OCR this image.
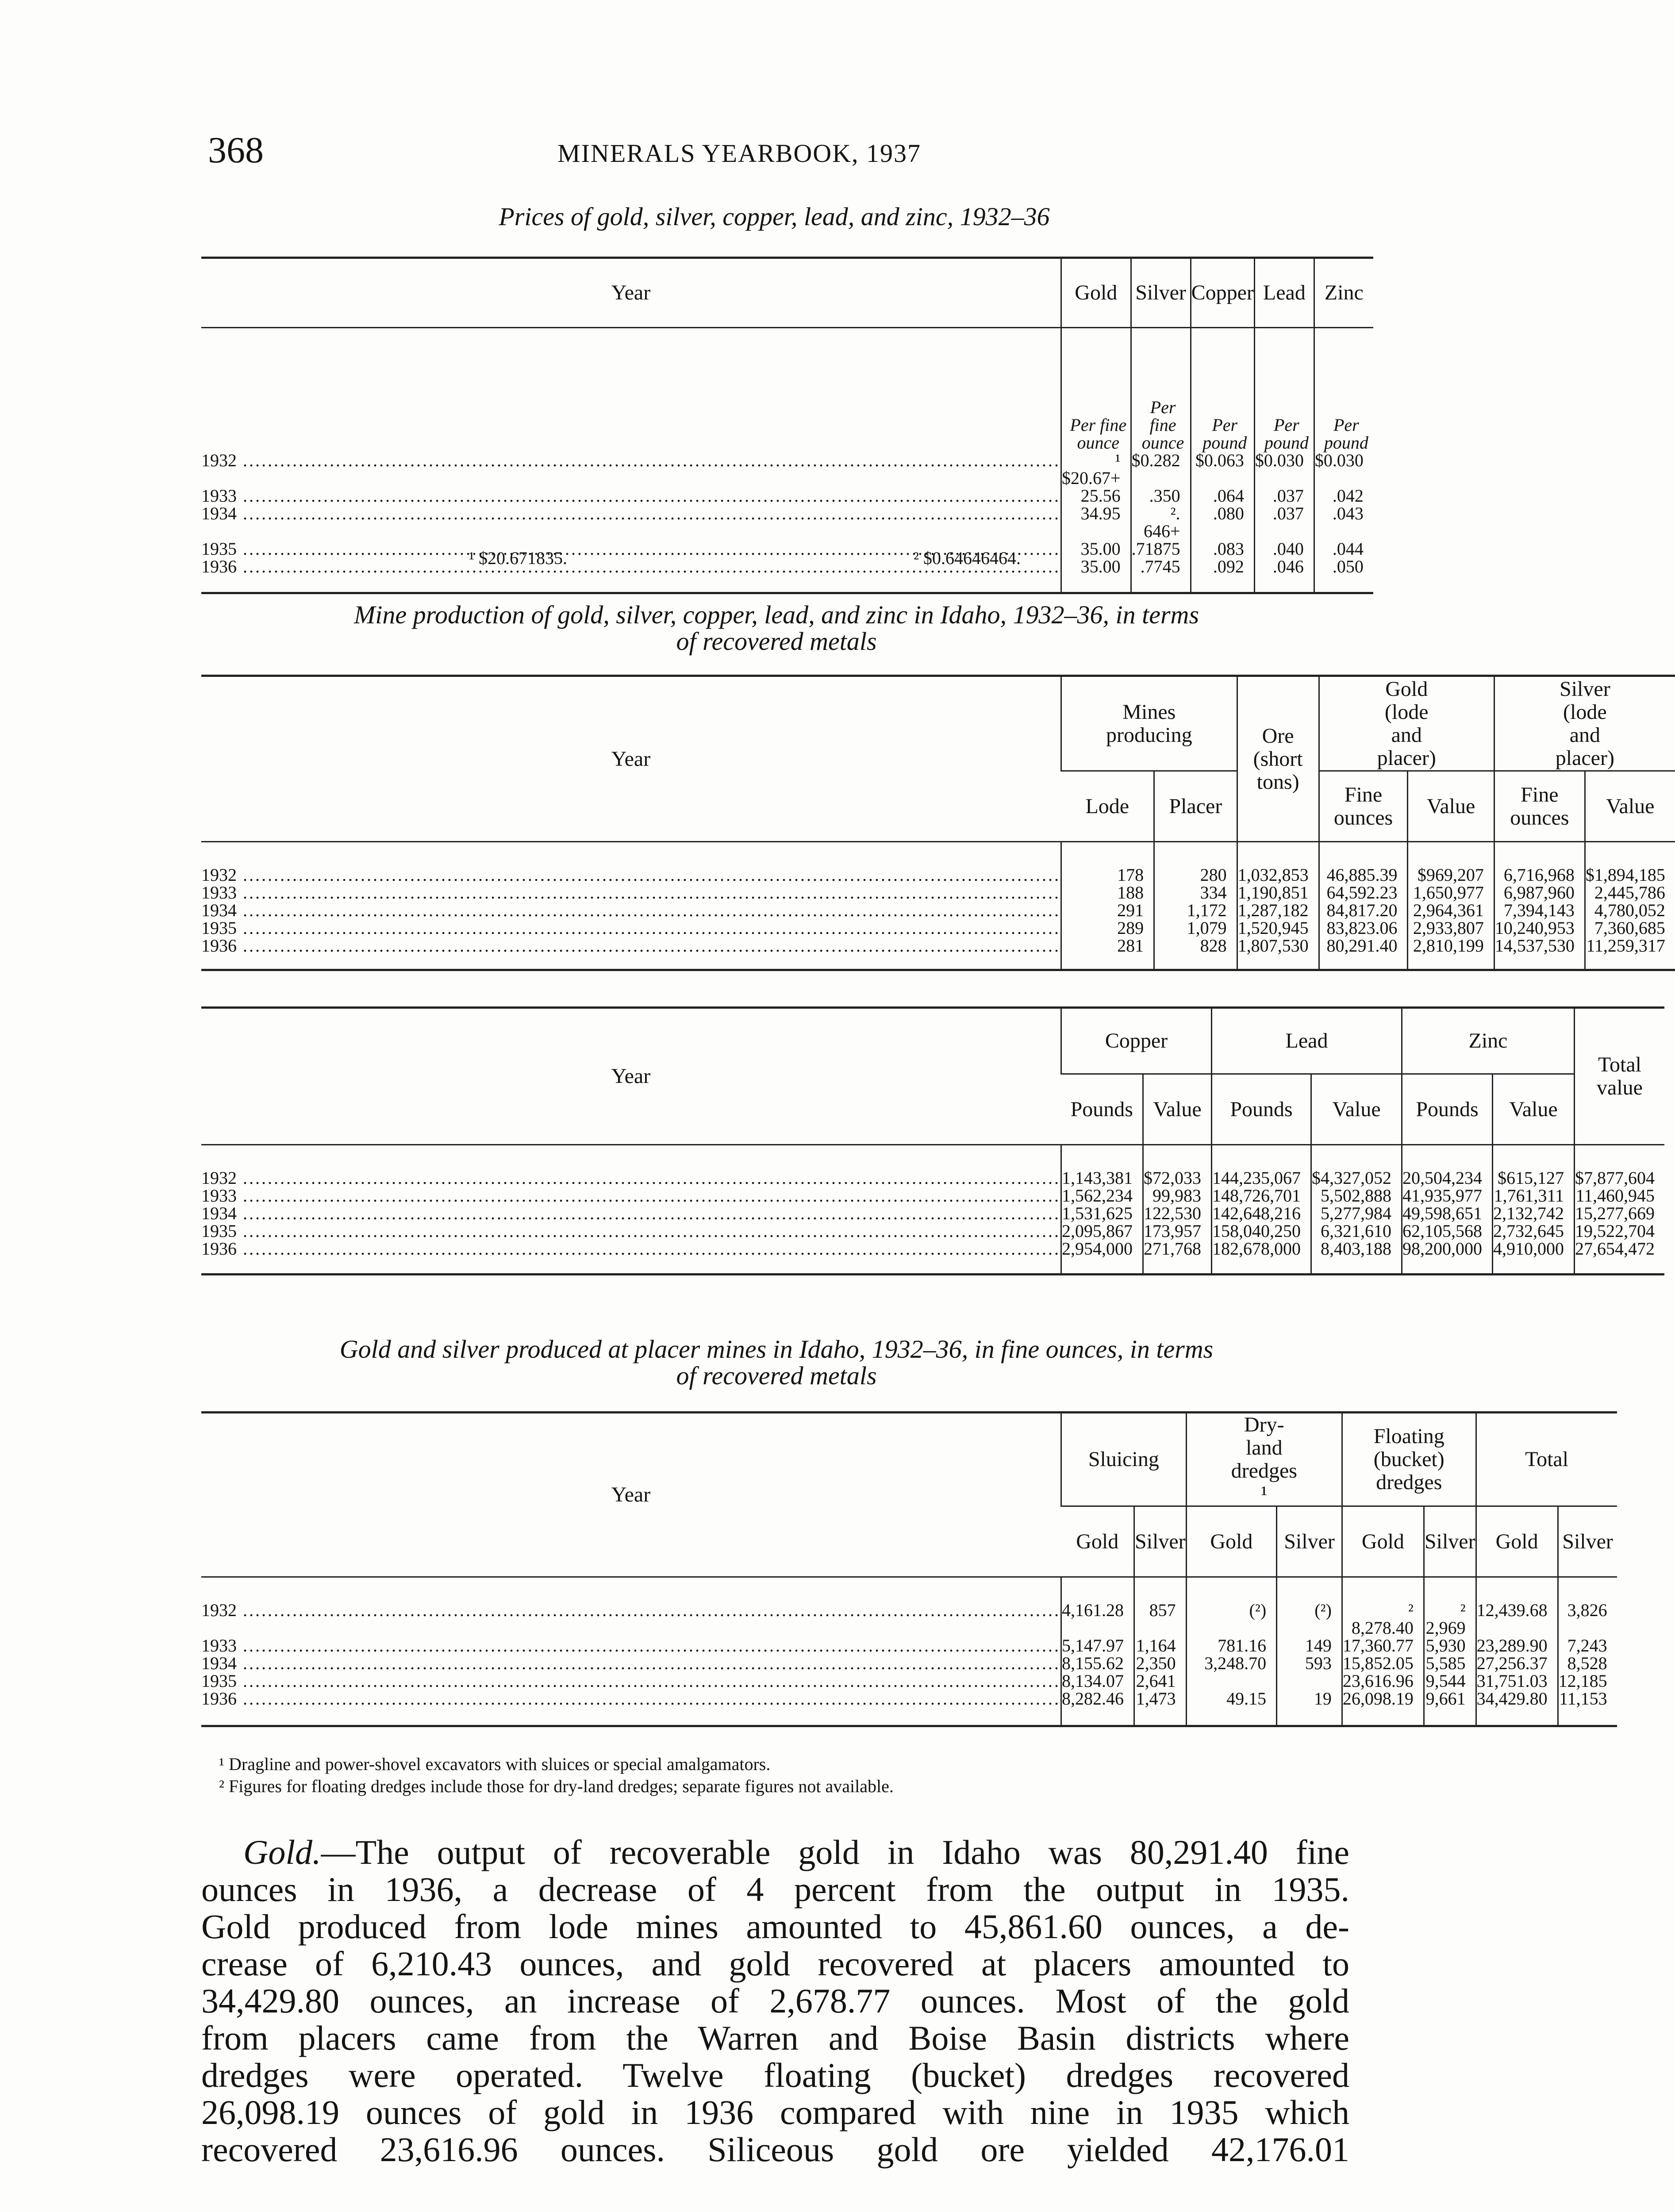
368	MINERALS YEARBOOK, 1937
Prices of gold, silver, copper, lead, and zinc, 1932–36
Year	Gold	Silver	Copper	Lead	Zinc
	Per fine ounce	Per fine ounce	Per pound	Per pound	Per pound

1932 .....	¹ $20.67+	$0.282	$0.063	$0.030	$0.030

1933 .....	25.56	.350	.064	.037	.042

1934 .....	34.95	². 646+	.080	.037	.043

1935 .....	35.00	.71875	.083	.040	.044

1936 .....	35.00	.7745	.092	.046	.050

¹ $20.671835.	² $0.64646464.
Mine production of gold, silver, copper, lead, and zinc in Idaho, 1932–36, in terms
of recovered metals
Year	Mines producing		Ore (short tons)	Gold (lode and placer)		Silver (lode and placer)	
	Lode	Placer		Fine ounces	Value	Fine ounces	Value

1932 .....	178	280	1,032,853	46,885.39	$969,207	6,716,968	$1,894,185

1933 .....	188	334	1,190,851	64,592.23	1,650,977	6,987,960	2,445,786

1934 .....	291	1,172	1,287,182	84,817.20	2,964,361	7,394,143	4,780,052

1935 .....	289	1,079	1,520,945	83,823.06	2,933,807	10,240,953	7,360,685

1936 .....	281	828	1,807,530	80,291.40	2,810,199	14,537,530	11,259,317

Year	Copper		Lead		Zinc		Total value
	Pounds	Value	Pounds	Value	Pounds	Value	

1932 .....	1,143,381	$72,033	144,235,067	$4,327,052	20,504,234	$615,127	$7,877,604

1933 .....	1,562,234	99,983	148,726,701	5,502,888	41,935,977	1,761,311	11,460,945

1934 .....	1,531,625	122,530	142,648,216	5,277,984	49,598,651	2,132,742	15,277,669

1935 .....	2,095,867	173,957	158,040,250	6,321,610	62,105,568	2,732,645	19,522,704

1936 .....	2,954,000	271,768	182,678,000	8,403,188	98,200,000	4,910,000	27,654,472

Gold and silver produced at placer mines in Idaho, 1932–36, in fine ounces, in terms
of recovered metals
Year	Sluicing		Dry-land dredges ¹		Floating (bucket) dredges		Total	
	Gold	Silver	Gold	Silver	Gold	Silver	Gold	Silver

1932 .....	4,161.28	857	(²)	(²)	² 8,278.40	² 2,969	12,439.68	3,826

1933 .....	5,147.97	1,164	781.16	149	17,360.77	5,930	23,289.90	7,243

1934 .....	8,155.62	2,350	3,248.70	593	15,852.05	5,585	27,256.37	8,528

1935 .....	8,134.07	2,641			23,616.96	9,544	31,751.03	12,185

1936 .....	8,282.46	1,473	49.15	19	26,098.19	9,661	34,429.80	11,153

¹ Dragline and power-shovel excavators with sluices or special amalgamators.
² Figures for floating dredges include those for dry-land dredges; separate figures not available.
Gold.—The output of recoverable gold in Idaho was 80,291.40 fine
ounces in 1936, a decrease of 4 percent from the output in 1935.
Gold produced from lode mines amounted to 45,861.60 ounces, a de-
crease of 6,210.43 ounces, and gold recovered at placers amounted to
34,429.80 ounces, an increase of 2,678.77 ounces. Most of the gold
from placers came from the Warren and Boise Basin districts where
dredges were operated. Twelve floating (bucket) dredges recovered
26,098.19 ounces of gold in 1936 compared with nine in 1935 which
recovered 23,616.96 ounces. Siliceous gold ore yielded 42,176.01
